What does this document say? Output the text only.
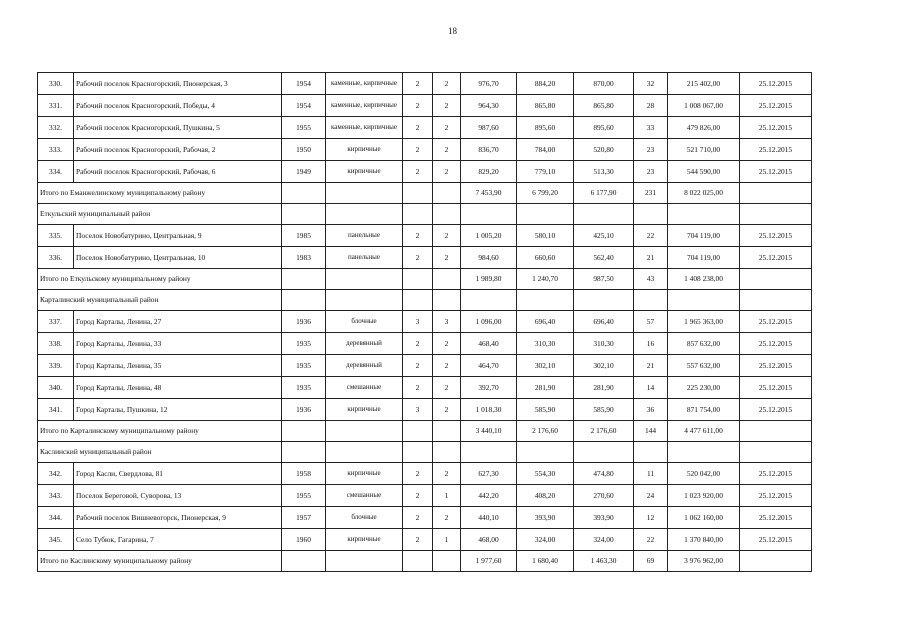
18
330.	Рабочий поселок Красногорский, Пионерская, 3	1954	каменные, кирпичные	2	2	976,70	884,20	870,00	32	215 402,00	25.12.2015
331.	Рабочий поселок Красногорский, Победы, 4	1954	каменные, кирпичные	2	2	964,30	865,80	865,80	28	1 008 067,00	25.12.2015
332.	Рабочий поселок Красногорский, Пушкина, 5	1955	каменные, кирпичные	2	2	987,60	895,60	895,60	33	479 826,00	25.12.2015
333.	Рабочий поселок Красногорский, Рабочая, 2	1950	кирпичные	2	2	836,70	784,00	520,80	23	521 710,00	25.12.2015
334.	Рабочий поселок Красногорский, Рабочая, 6	1949	кирпичные	2	2	829,20	779,10	513,30	23	544 590,00	25.12.2015
Итого по Еманжелинскому муниципальному району						7 453,90	6 799,20	6 177,90	231	8 022 025,00	
Еткульский муниципальный район											
335.	Поселок Новобатурино, Центральная, 9	1985	панельные	2	2	1 005,20	580,10	425,10	22	704 119,00	25.12.2015
336.	Поселок Новобатурино, Центральная, 10	1983	панельные	2	2	984,60	660,60	562,40	21	704 119,00	25.12.2015
Итого по Еткульскому муниципальному району						1 989,80	1 240,70	987,50	43	1 408 238,00	
Карталинский муниципальный район											
337.	Город Карталы, Ленина, 27	1936	блочные	3	3	1 096,00	696,40	696,40	57	1 965 363,00	25.12.2015
338.	Город Карталы, Ленина, 33	1935	деревянный	2	2	468,40	310,30	310,30	16	857 632,00	25.12.2015
339.	Город Карталы, Ленина, 35	1935	деревянный	2	2	464,70	302,10	302,10	21	557 632,00	25.12.2015
340.	Город Карталы, Ленина, 48	1935	смешанные	2	2	392,70	281,90	281,90	14	225 230,00	25.12.2015
341.	Город Карталы, Пушкина, 12	1936	кирпичные	3	2	1 018,30	585,90	585,90	36	871 754,00	25.12.2015
Итого по Карталинскому муниципальному району						3 440,10	2 176,60	2 176,60	144	4 477 611,00	
Каслинский муниципальный район											
342.	Город Касли, Свердлова, 81	1958	кирпичные	2	2	627,30	554,30	474,80	11	520 042,00	25.12.2015
343.	Поселок Береговой, Суворова, 13	1955	смешанные	2	1	442,20	408,20	270,60	24	1 023 920,00	25.12.2015
344.	Рабочий поселок Вишневогорск, Пионерская, 9	1957	блочные	2	2	440,10	393,90	393,90	12	1 062 160,00	25.12.2015
345.	Село Тубюк, Гагарина, 7	1960	кирпичные	2	1	468,00	324,00	324,00	22	1 370 840,00	25.12.2015
Итого по Каслинскому муниципальному району						1 977,60	1 680,40	1 463,30	69	3 976 962,00	
